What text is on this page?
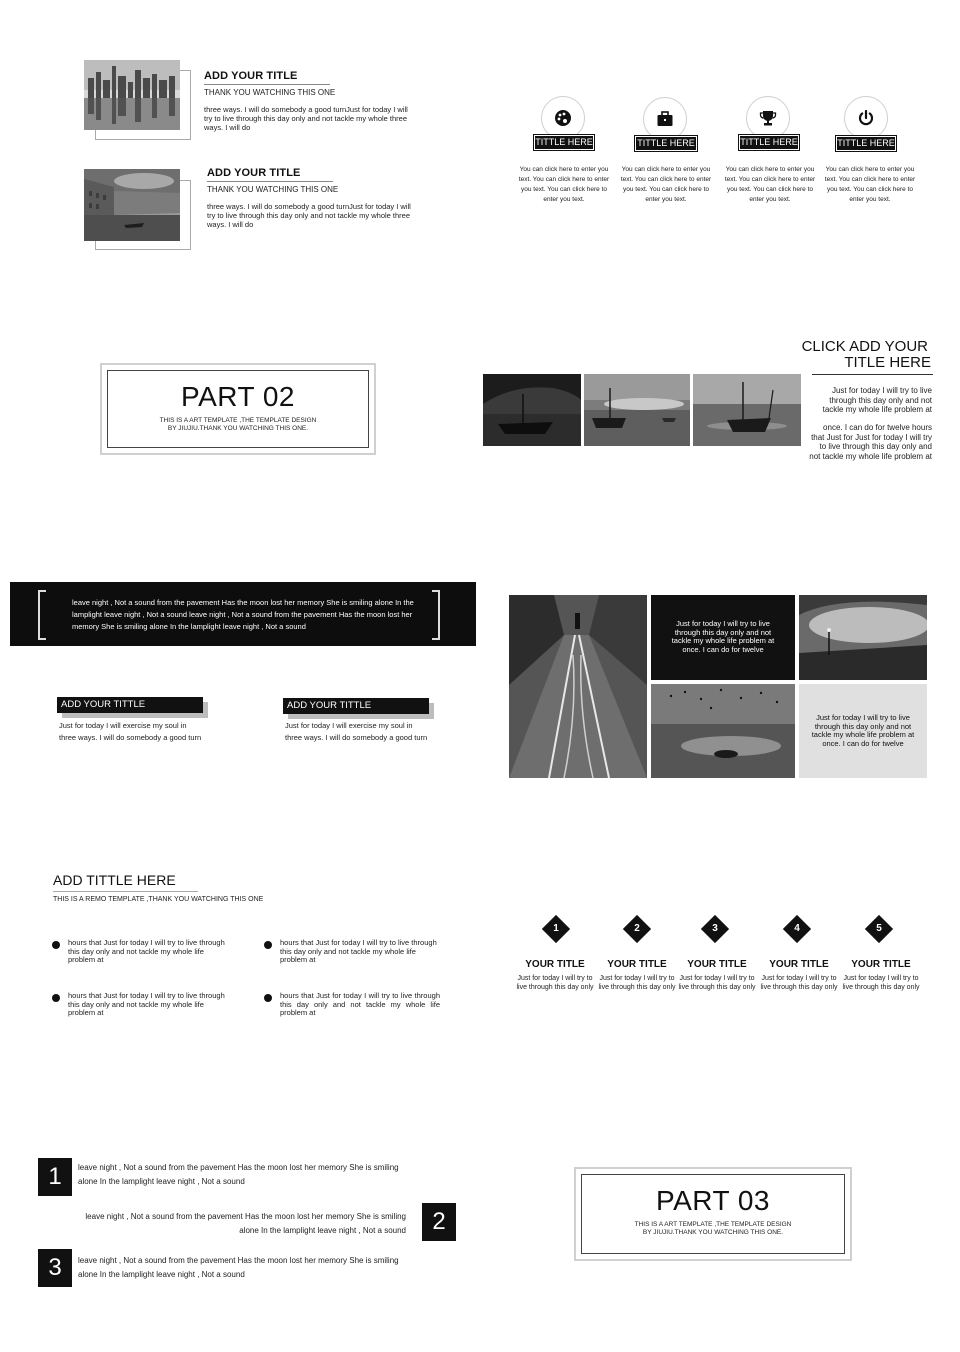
ADD YOUR TITLE
THANK YOU WATCHING THIS ONE
three ways. I will do somebody a good turnJust for today I will try to live through this day only and not tackle my whole three ways. I will do
ADD YOUR TITLE
THANK YOU WATCHING THIS ONE
three ways. I will do somebody a good turnJust for today I will try to live through this day only and not tackle my whole three ways. I will do
TITTLE HERE
You can click here to enter you text. You can click here to enter you text. You can click here to enter you text.
TITTLE HERE
You can click here to enter you text. You can click here to enter you text. You can click here to enter you text.
TITTLE HERE
You can click here to enter you text. You can click here to enter you text. You can click here to enter you text.
TITTLE HERE
You can click here to enter you text. You can click here to enter you text. You can click here to enter you text.
PART 02
THIS IS A ART TEMPLATE ,THE TEMPLATE DESIGN
BY JIUJIU.THANK YOU WATCHING THIS ONE.
CLICK ADD YOUR
TITLE HERE
Just for today I will try to live through this day only and not tackle my whole life problem at
once. I can do for twelve hours that Just for Just for today I will try to live through this day only and not tackle my whole life problem at
leave night , Not a sound from the pavement Has the moon lost her memory She is smiling alone In the
lamplight leave night , Not a sound leave night , Not a sound from the pavement Has the moon lost her
memory She is smiling alone In the lamplight leave night , Not a sound
ADD YOUR TITTLE
Just for today I will exercise my soul in
three ways. I will do somebody a good turn
ADD YOUR TITTLE
Just for today I will exercise my soul in
three ways. I will do somebody a good turn
Just for today I will try to live through this day only and not tackle my whole life problem at once. I can do for twelve
Just for today I will try to live through this day only and not tackle my whole life problem at once. I can do for twelve
ADD TITTLE HERE
THIS IS A REMO TEMPLATE ,THANK YOU WATCHING THIS ONE
hours that Just for today I will try to live through this day only and not tackle my whole life problem at
hours that Just for today I will try to live through this day only and not tackle my whole life problem at
hours that Just for today I will try to live through this day only and not tackle my whole life problem at
hours that Just for today I will try to live through this day only and not tackle my whole life problem at
1
YOUR TITLE
Just for today I will try to live through this day only
2
YOUR TITLE
Just for today I will try to live through this day only
3
YOUR TITLE
Just for today I will try to live through this day only
4
YOUR TITLE
Just for today I will try to live through this day only
5
YOUR TITLE
Just for today I will try to live through this day only
1	leave night , Not a sound from the pavement Has the moon lost her memory She is smiling
alone In the lamplight leave night , Not a sound
2
leave night , Not a sound from the pavement Has the moon lost her memory She is smiling
alone In the lamplight leave night , Not a sound
3	leave night , Not a sound from the pavement Has the moon lost her memory She is smiling
alone In the lamplight leave night , Not a sound
PART 03
THIS IS A ART TEMPLATE ,THE TEMPLATE DESIGN
BY JIUJIU.THANK YOU WATCHING THIS ONE.
